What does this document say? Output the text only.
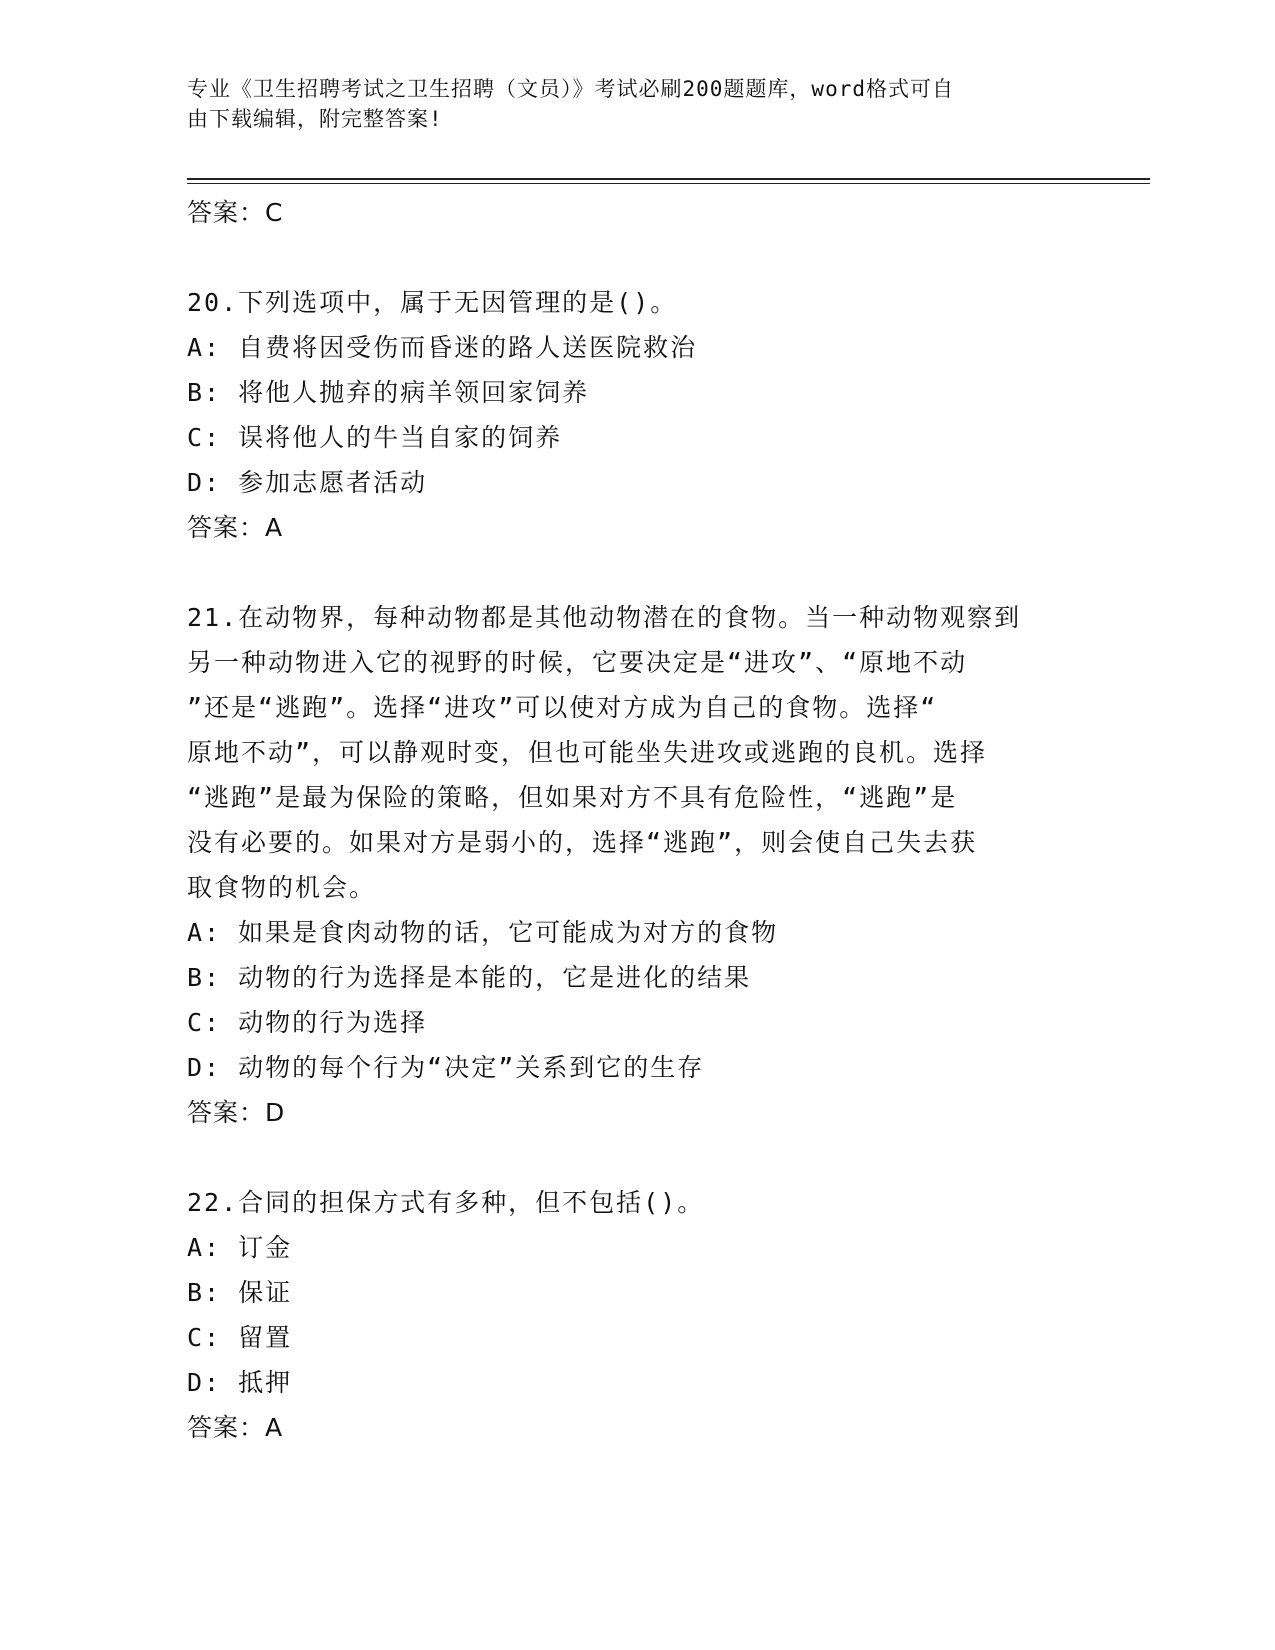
专业《卫生招聘考试之卫生招聘（文员）》考试必刷200题题库，word格式可自
由下载编辑，附完整答案!
答案：C
20.下列选项中，属于无因管理的是()。
A: 自费将因受伤而昏迷的路人送医院救治
B: 将他人抛弃的病羊领回家饲养
C: 误将他人的牛当自家的饲养
D: 参加志愿者活动
答案：A
21.在动物界，每种动物都是其他动物潜在的食物。当一种动物观察到
另一种动物进入它的视野的时候，它要决定是“进攻”、“原地不动
”还是“逃跑”。选择“进攻”可以使对方成为自己的食物。选择“
原地不动”，可以静观时变，但也可能坐失进攻或逃跑的良机。选择
“逃跑”是最为保险的策略，但如果对方不具有危险性，“逃跑”是
没有必要的。如果对方是弱小的，选择“逃跑”，则会使自己失去获
取食物的机会。
A: 如果是食肉动物的话，它可能成为对方的食物
B: 动物的行为选择是本能的，它是进化的结果
C: 动物的行为选择
D: 动物的每个行为“决定”关系到它的生存
答案：D
22.合同的担保方式有多种，但不包括()。
A: 订金
B: 保证
C: 留置
D: 抵押
答案：A
